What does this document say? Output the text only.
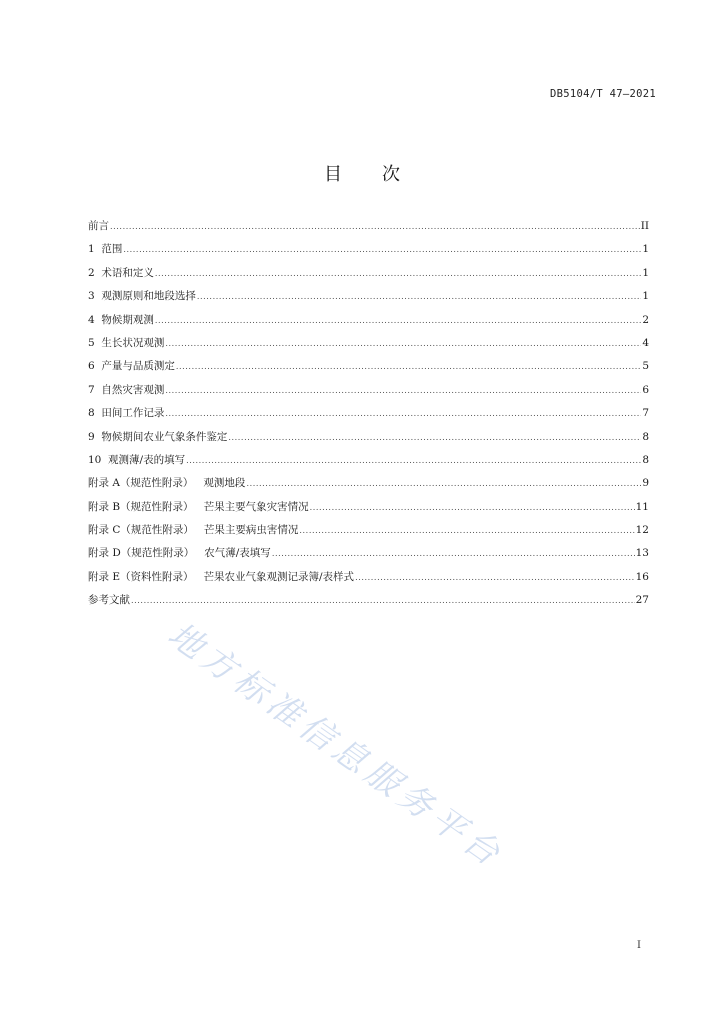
DB5104/T 47—2021
目 次
前言 .....	II
1  范围 .....	1
2  术语和定义 .....	1
3  观测原则和地段选择 .....	1
4  物候期观测 .....	2
5  生长状况观测 .....	4
6  产量与品质测定 .....	5
7  自然灾害观测 .....	6
8  田间工作记录 .....	7
9  物候期间农业气象条件鉴定 .....	8
10  观测薄/表的填写 .....	8
附录 A（规范性附录）   观测地段 .....	9
附录 B（规范性附录）   芒果主要气象灾害情况 .....	11
附录 C（规范性附录）   芒果主要病虫害情况 .....	12
附录 D（规范性附录）   农气薄/表填写 .....	13
附录 E（资料性附录）   芒果农业气象观测记录簿/表样式 .....	16
参考文献 .....	27
地方标准信息服务平台
I
